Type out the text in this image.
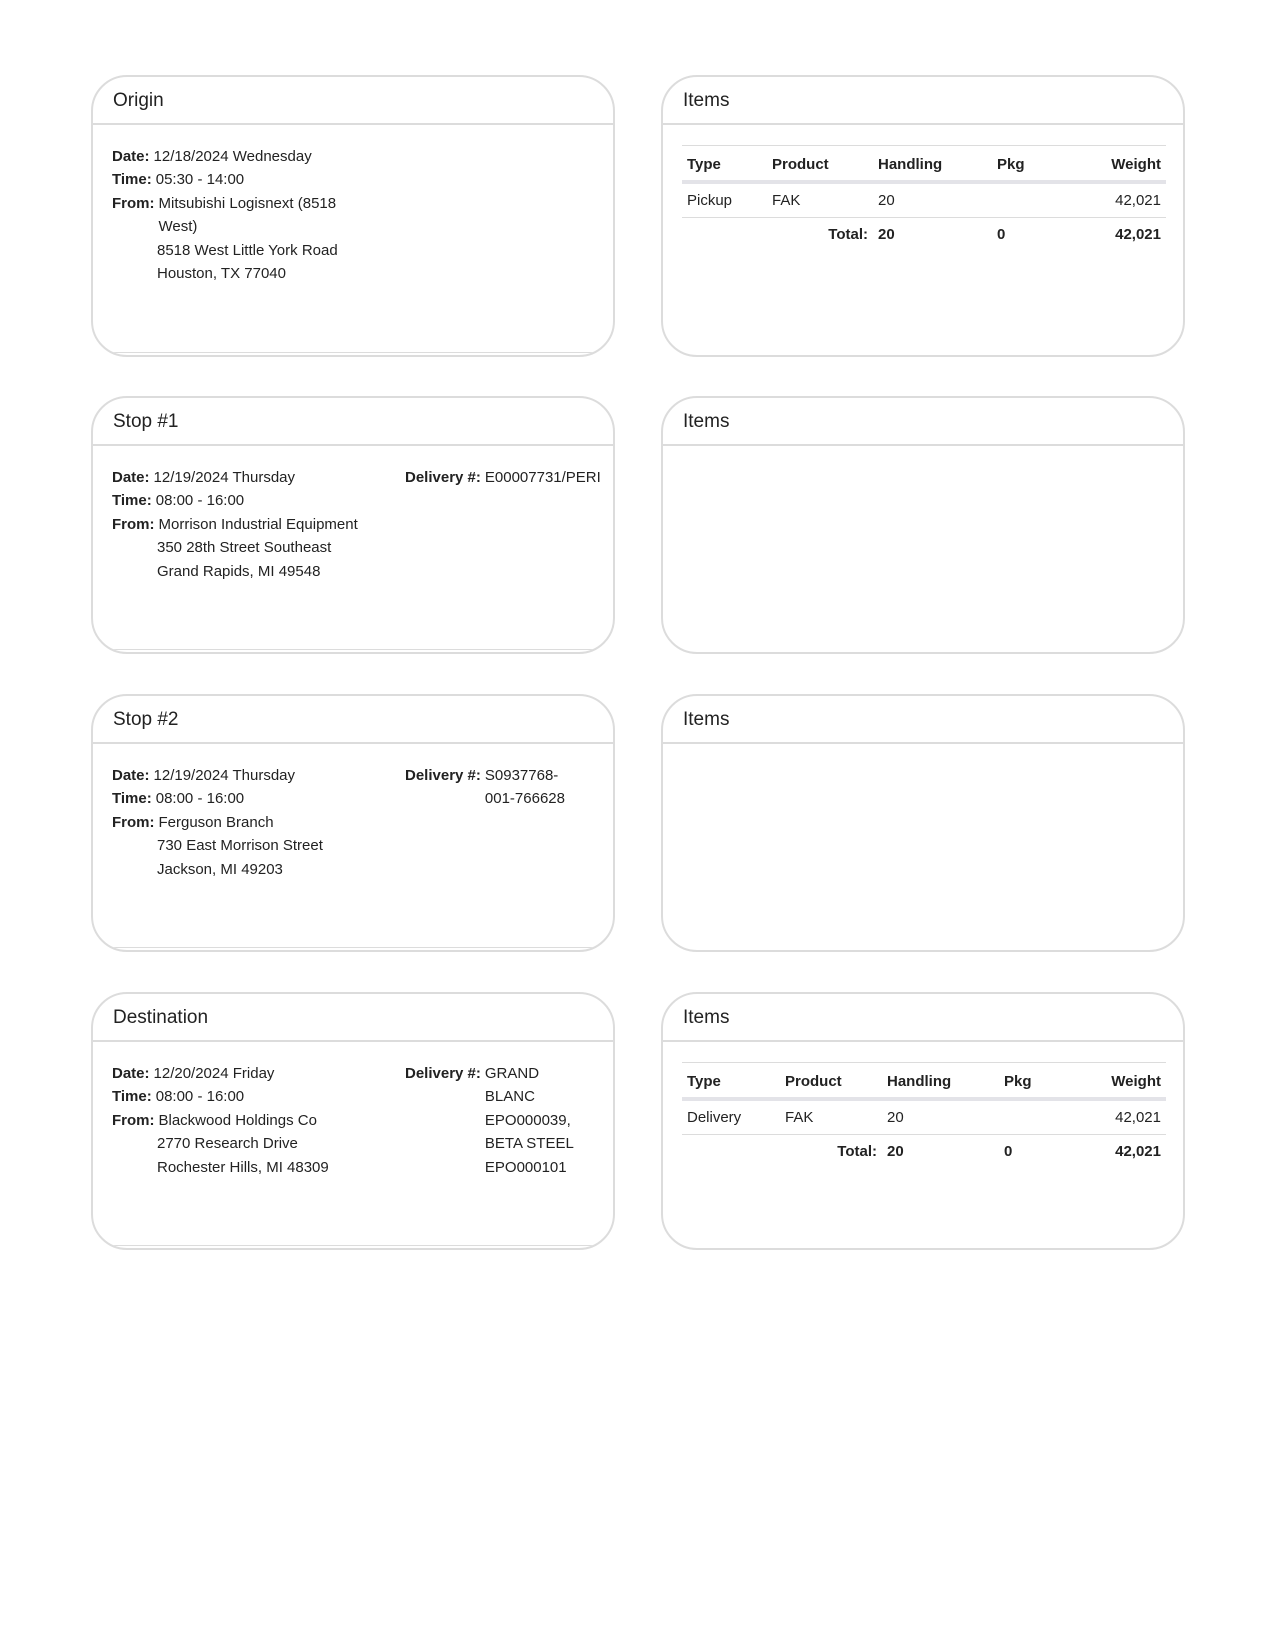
Origin
Date: 12/18/2024 Wednesday
Time: 05:30 - 14:00
From: Mitsubishi Logisnext (8518 West)
8518 West Little York Road
Houston, TX 77040
Items
Type	Product	Handling	Pkg	Weight
Pickup	FAK	20		42,021
	Total:	20	0	42,021
Stop #1
Date: 12/19/2024 Thursday
Time: 08:00 - 16:00
From: Morrison Industrial Equipment
350 28th Street Southeast
Grand Rapids, MI 49548
Delivery #: E00007731/PERI
Items
Stop #2
Date: 12/19/2024 Thursday
Time: 08:00 - 16:00
From: Ferguson Branch
730 East Morrison Street
Jackson, MI 49203
Delivery #: S0937768-
001-766628
Items
Destination
Date: 12/20/2024 Friday
Time: 08:00 - 16:00
From: Blackwood Holdings Co
2770 Research Drive
Rochester Hills, MI 48309
Delivery #: GRAND
BLANC
EPO000039,
BETA STEEL
EPO000101
Items
Type	Product	Handling	Pkg	Weight
Delivery	FAK	20		42,021
	Total:	20	0	42,021
